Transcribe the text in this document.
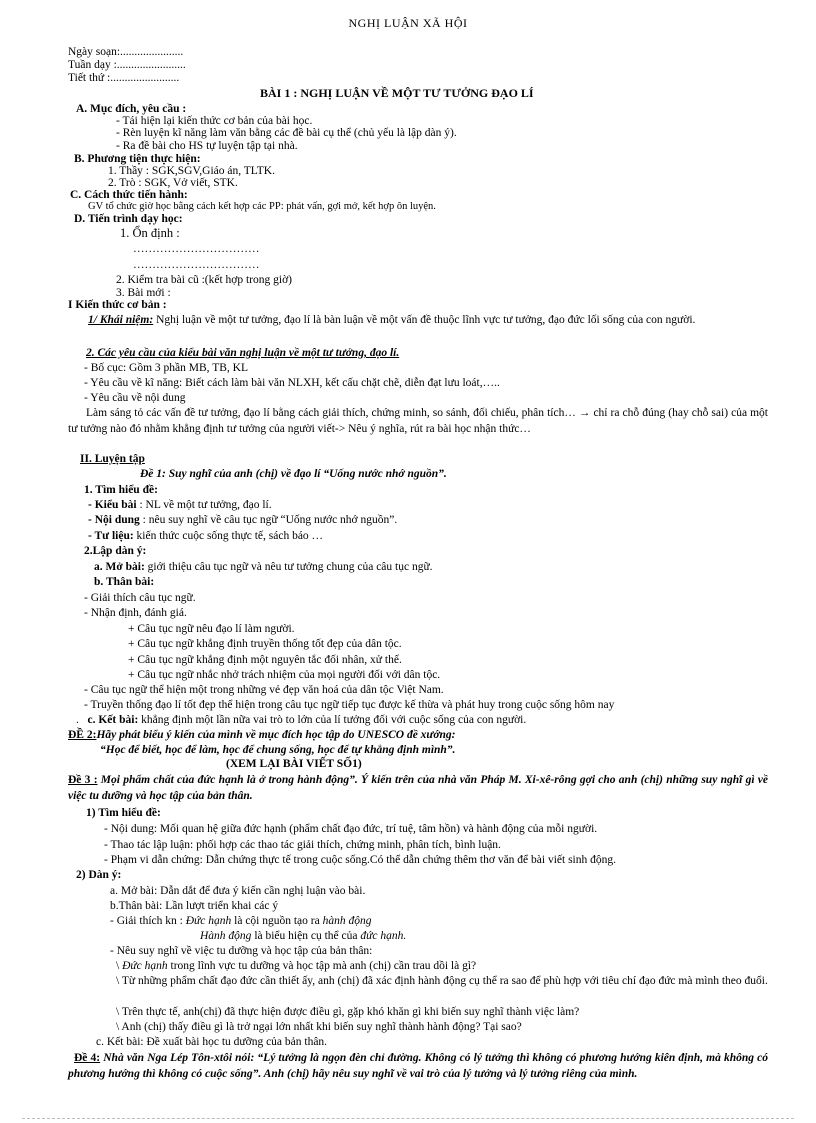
NGHỊ LUẬN XÃ HỘI
Ngày soạn:......................
Tuần dạy :........................
Tiết thứ :........................
BÀI 1 : NGHỊ LUẬN VỀ MỘT TƯ TƯỞNG ĐẠO LÍ
A. Mục đích, yêu cầu :
- Tái hiện lại kiến thức cơ bản của bài học.
- Rèn luyện kĩ năng làm văn bằng các đề bài cụ thể (chủ yếu là lập dàn ý).
- Ra đề bài cho HS tự luyện tập tại nhà.
B. Phương tiện thực hiện:
1. Thầy : SGK,SGV,Giáo án, TLTK.
2. Trò : SGK, Vở viết, STK.
C. Cách thức tiến hành:
GV tổ chức giờ học bằng cách kết hợp các PP: phát vấn, gợi mở, kết hợp ôn luyện.
D. Tiến trình dạy học:
1. Ổn định :
……………………………
……………………………
2. Kiểm tra bài cũ :(kết hợp trong giờ)
3. Bài mới :
I Kiến thức cơ bản :
1/ Khái niệm: Nghị luận về một tư tưởng, đạo lí là bàn luận về một vấn đề thuộc lĩnh vực tư tưởng, đạo đức lối sống của con người.
2. Các yêu cầu của kiểu bài văn nghị luận về một tư tưởng, đạo lí.
- Bố cục: Gồm 3 phần MB, TB, KL
- Yêu cầu về kĩ năng: Biết cách làm bài văn NLXH, kết cấu chặt chẽ, diễn đạt lưu loát,…..
- Yêu cầu về nội dung
Làm sáng tỏ các vấn đề tư tưởng, đạo lí bằng cách giải thích, chứng minh, so sánh, đối chiếu, phân tích… → chỉ ra chỗ đúng (hay chỗ sai) của một tư tưởng nào đó nhằm khẳng định tư tưởng của người viết-> Nêu ý nghĩa, rút ra bài học nhận thức…
II. Luyện tập
Đề 1: Suy nghĩ của anh (chị) về đạo lí “Uống nước nhớ nguồn”.
1. Tìm hiểu đề:
- Kiểu bài : NL về một tư tưởng, đạo lí.
- Nội dung : nêu suy nghĩ về câu tục ngữ “Uống nước nhớ nguồn”.
- Tư liệu: kiến thức cuộc sống thực tế, sách báo …
2.Lập dàn ý:
a. Mở bài: giới thiệu câu tục ngữ và nêu tư tưởng chung của câu tục ngữ.
b. Thân bài:
- Giải thích câu tục ngữ.
- Nhận định, đánh giá.
+ Câu tục ngữ nêu đạo lí làm người.
+ Câu tục ngữ khẳng định truyền thống tốt đẹp của dân tộc.
+ Câu tục ngữ khẳng định một nguyên tắc đối nhân, xử thế.
+ Câu tục ngữ nhắc nhở trách nhiệm của mọi người đối với dân tộc.
- Câu tục ngữ thể hiện một trong những vẻ đẹp văn hoá của dân tộc Việt Nam.
- Truyền thống đạo lí tốt đẹp thể hiện trong câu tục ngữ tiếp tục được kế thừa và phát huy trong cuộc sống hôm nay
.   c. Kết bài: khẳng định một lần nữa vai trò to lớn của lí tưởng đối với cuộc sống của con người.
ĐỀ 2:Hãy phát biểu ý kiến của mình về mục đích học tập do UNESCO đề xướng:
“Học để biết, học để làm, học để chung sống, học để tự khẳng định mình”.
(XEM LẠI BÀI VIẾT SỐ1)
Đề 3 : Mọi phẩm chất của đức hạnh là ở trong hành động”. Ý kiến trên của nhà văn Pháp M. Xi-xê-rông gợi cho anh (chị) những suy nghĩ gì về việc tu dưỡng và học tập của bản thân.
1) Tìm hiểu đề:
- Nội dung: Mối quan hệ giữa đức hạnh (phẩm chất đạo đức, trí tuệ, tâm hồn) và hành động của mỗi người.
- Thao tác lập luận: phối hợp các thao tác giải thích, chứng minh, phân tích, bình luận.
- Phạm vi dẫn chứng: Dẫn chứng thực tế trong cuộc sống.Có thể dẫn chứng thêm thơ văn để bài viết sinh động.
2) Dàn ý:
a. Mở bài: Dẫn dắt để đưa ý kiến cần nghị luận vào bài.
b.Thân bài: Lần lượt triển khai các ý
- Giải thích kn : Đức hạnh là cội nguồn tạo ra hành động
Hành động là biểu hiện cụ thể của đức hạnh.
- Nêu suy nghĩ về việc tu dưỡng và học tập của bản thân:
\ Đức hạnh trong lĩnh vực tu dưỡng và học tập mà anh (chị) cần trau dồi là gì?
\ Từ những phẩm chất đạo đức cần thiết ấy, anh (chị) đã xác định hành động cụ thể ra sao để phù hợp với tiêu chí đạo đức mà mình theo đuổi.
\ Trên thực tế, anh(chị) đã thực hiện được điều gì, gặp khó khăn gì khi biến suy nghĩ thành việc làm?
\ Anh (chị) thấy điều gì là trở ngại lớn nhất khi biến suy nghĩ thành hành động? Tại sao?
c. Kết bài: Đề xuất bài học tu dưỡng của bản thân.
Đề 4: Nhà văn Nga Lép Tôn-xtôi nói: “Lý tưởng là ngọn đèn chỉ đường. Không có lý tưởng thì không có phương hướng kiên định, mà không có phương hướng thì không có cuộc sống”. Anh (chị) hãy nêu suy nghĩ về vai trò của lý tưởng và lý tưởng riêng của mình.
